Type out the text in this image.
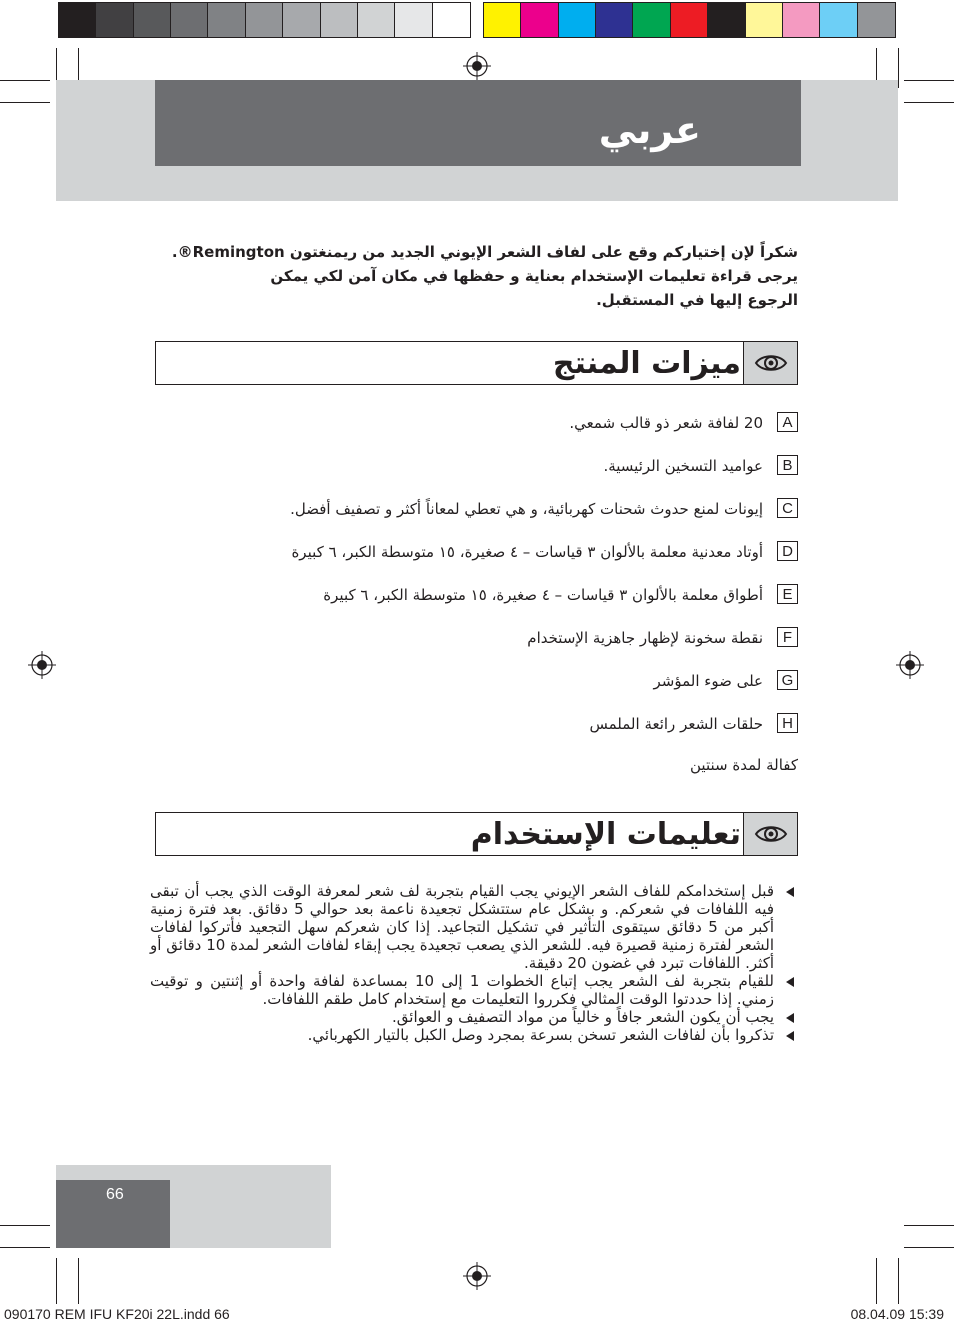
عربي
شكراً لإن إختياركم وقع على لفاف الشعر الإيوني الجديد من ريمنغتون Remington®.
يرجى قراءة تعليمات الإستخدام بعناية و حفظها في مكان آمن لكي يمكن
الرجوع إليها في المستقبل.
ميزات المنتج
A
20 لفافة شعر ذو قالب شمعي.
B
عواميد التسخين الرئيسية.
C
إيونات لمنع حدوث شحنات كهربائية، و هي تعطي لمعاناً أكثر و تصفيف أفضل.
D
أوتاد معدنية معلمة بالألوان ٣ قياسات – ٤ صغيرة، ١٥ متوسطة الكبر، ٦ كبيرة
E
أطواق معلمة بالألوان ٣ قياسات – ٤ صغيرة، ١٥ متوسطة الكبر، ٦ كبيرة
F
نقطة سخونة لإظهار جاهزية الإستخدام
G
على ضوء المؤشر
H
حلقات الشعر رائعة الملمس
كفالة لمدة سنتين
تعليمات الإستخدام
قبل إستخدامكم للفاف الشعر الإيوني يجب القيام بتجربة لف شعر لمعرفة الوقت الذي يجب أن تبقى فيه اللفافات في شعركم. و بشكل عام ستتشكل تجعيدة ناعمة بعد حوالي 5 دقائق. بعد فترة زمنية أكبر من 5 دقائق سيتقوى التأثير في تشكيل التجاعيد. إذا كان شعركم سهل التجعيد فأتركوا لفافات الشعر لفترة زمنية قصيرة فيه. للشعر الذي يصعب تجعيدة يجب إبقاء لفافات الشعر لمدة 10 دقائق أو أكثر. اللفافات تبرد في غضون 20 دقيقة.
للقيام بتجربة لف الشعر يجب إتباع الخطوات 1 إلى 10 بمساعدة لفافة واحدة أو إثنتين و توقيت زمني. إذا حددتوا الوقت المثالي فكرروا التعليمات مع إستخدام كامل طقم اللفافات.
يجب أن يكون الشعر جافاً و خالياً من مواد التصفيف و العوائق.
تذكروا بأن لفافات الشعر تسخن بسرعة بمجرد وصل الكبل بالتيار الكهربائي.
66
090170 REM IFU KF20i 22L.indd 66	08.04.09 15:39
